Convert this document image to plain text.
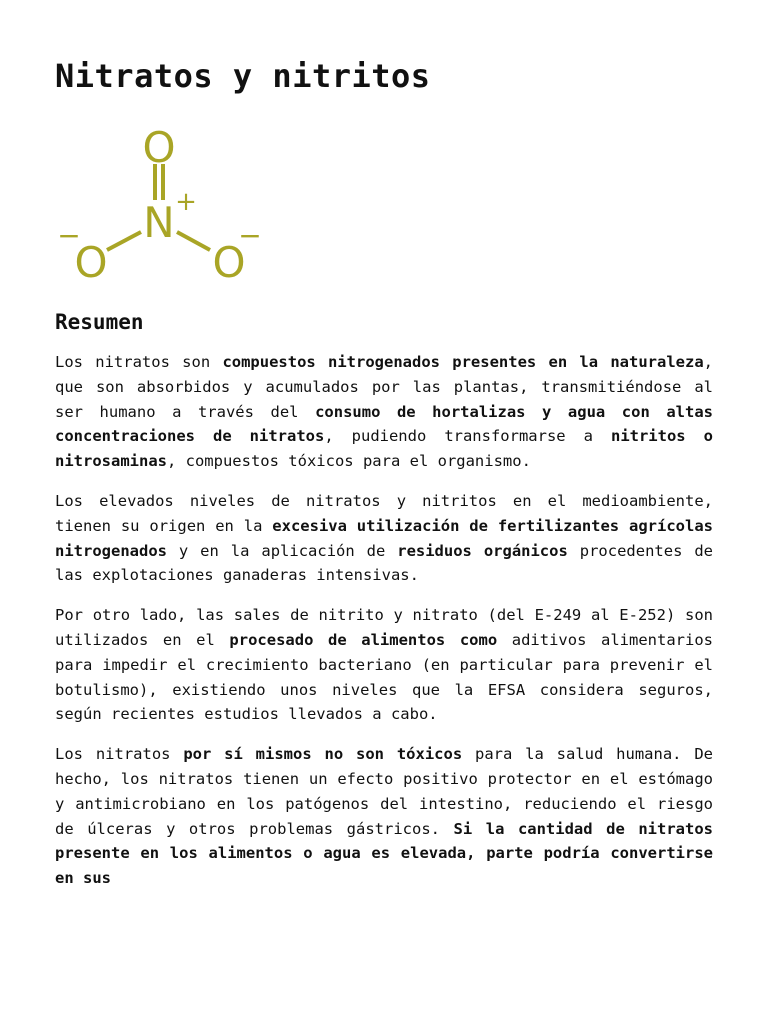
Nitratos y nitritos
O
N +
O
−
O
−
Resumen

Los nitratos son compuestos nitrogenados presentes en la naturaleza, que son absorbidos y acumulados por las plantas, transmitiéndose al ser humano a través del consumo de hortalizas y agua con altas concentraciones de nitratos, pudiendo transformarse a nitritos o nitrosaminas, compuestos tóxicos para el organismo.

Los elevados niveles de nitratos y nitritos en el medioambiente, tienen su origen en la excesiva utilización de fertilizantes agrícolas nitrogenados y en la aplicación de residuos orgánicos procedentes de las explotaciones ganaderas intensivas.

Por otro lado, las sales de nitrito y nitrato (del E-249 al E-252) son utilizados en el procesado de alimentos como aditivos alimentarios para impedir el crecimiento bacteriano (en particular para prevenir el botulismo), existiendo unos niveles que la EFSA considera seguros, según recientes estudios llevados a cabo.

Los nitratos por sí mismos no son tóxicos para la salud humana. De hecho, los nitratos tienen un efecto positivo protector en el estómago y antimicrobiano en los patógenos del intestino, reduciendo el riesgo de úlceras y otros problemas gástricos. Si la cantidad de nitratos presente en los alimentos o agua es elevada, parte podría convertirse en sus
